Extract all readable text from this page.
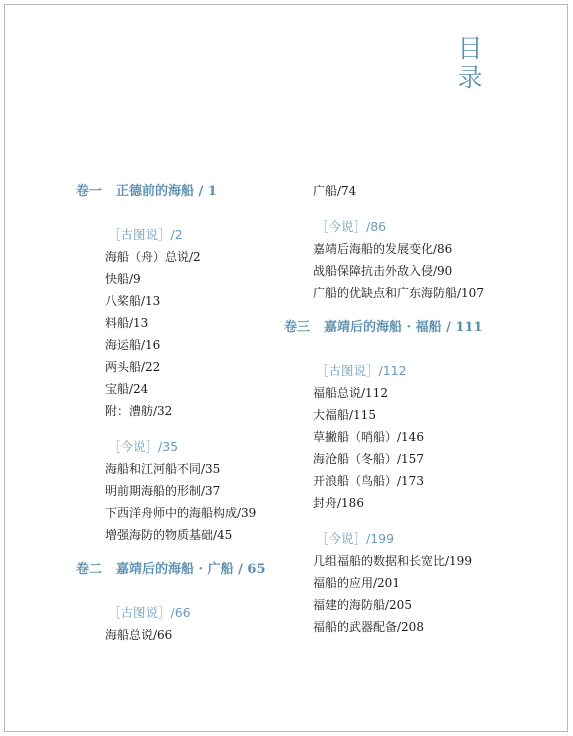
目
录
卷一 正德前的海船 / 1
［古图说］/2
海船（舟）总说/2
快船/9
八桨船/13
料船/13
海运船/16
两头船/22
宝船/24
附：漕舫/32
［今说］/35
海船和江河船不同/35
明前期海船的形制/37
下西洋舟师中的海船构成/39
增强海防的物质基础/45
卷二 嘉靖后的海船 · 广船 / 65
［古图说］/66
海船总说/66
广船/74
［今说］/86
嘉靖后海船的发展变化/86
战船保障抗击外敌入侵/90
广船的优缺点和广东海防船/107
卷三 嘉靖后的海船 · 福船 / 111
［古图说］/112
福船总说/112
大福船/115
草撇船（哨船）/146
海沧船（冬船）/157
开浪船（鸟船）/173
封舟/186
［今说］/199
几组福船的数据和长宽比/199
福船的应用/201
福建的海防船/205
福船的武器配备/208
